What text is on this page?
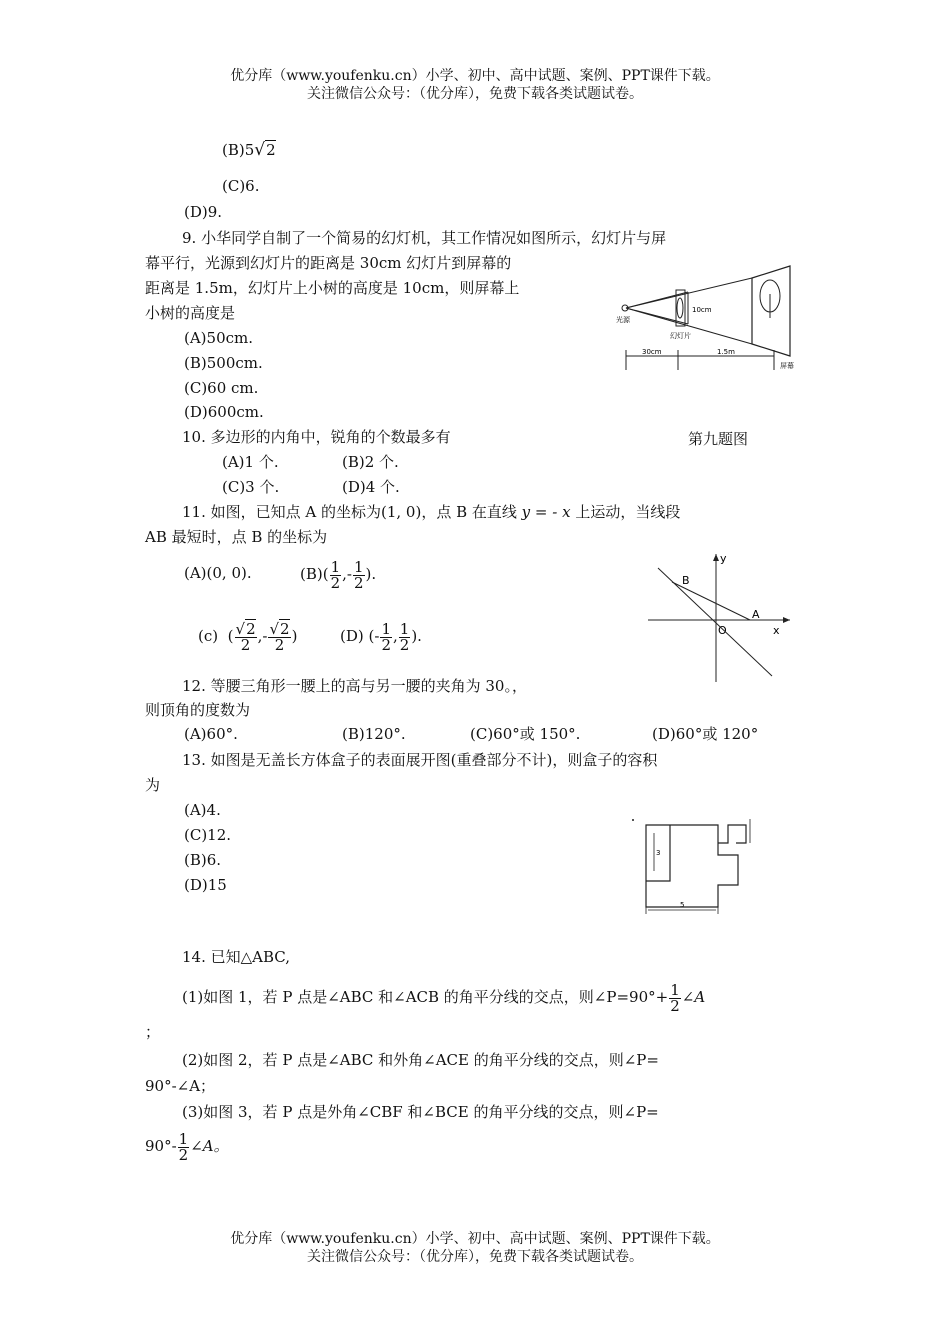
优分库（www.youfenku.cn）小学、初中、高中试题、案例、PPT课件下载。
关注微信公众号：（优分库），免费下载各类试题试卷。
(B)5√2
(C)6.
(D)9.
9. 小华同学自制了一个简易的幻灯机，其工作情况如图所示，幻灯片与屏
幕平行，光源到幻灯片的距离是 30cm 幻灯片到屏幕的
距离是 1.5m，幻灯片上小树的高度是 10cm，则屏幕上
小树的高度是
(A)50cm.
(B)500cm.
(C)60 cm.
(D)600cm.
光源
10cm
幻灯片
屏幕
30cm	1.5m
第九题图
10. 多边形的内角中，锐角的个数最多有
(A)1 个.	(B)2 个.
(C)3 个.	(D)4 个.
11. 如图，已知点 A 的坐标为(1, 0)，点 B 在直线 y = - x 上运动，当线段
AB 最短时，点 B 的坐标为
(A)(0, 0).	$(B)( \frac{1}{2}$ ,- $\frac{1}{2}$ ).
(c)  ( $\frac{√2}{2}$ ,- $\frac{√2}{2}$ )	(D) (- $\frac{1}{2}$ , $\frac{1}{2}$ ).
y
x
O
B
A
12. 等腰三角形一腰上的高与另一腰的夹角为 30。，
则顶角的度数为
(A)60°.	(B)120°.	(C)60°或 150°.	(D)60°或 120°
13. 如图是无盖长方体盒子的表面展开图(重叠部分不计)，则盒子的容积
为
(A)4.
(C)12.
(B)6.
(D)15
3
5
14. 已知△ABC,
(1)如图 1，若 P 点是∠ABC 和∠ACB 的角平分线的交点，则∠P=90°+ $\frac{1}{2}$ ∠A
；
(2)如图 2，若 P 点是∠ABC 和外角∠ACE 的角平分线的交点，则∠P=
90°-∠A；
(3)如图 3，若 P 点是外角∠CBF 和∠BCE 的角平分线的交点，则∠P=
$90^\circ- \frac{1}{2}$ ∠A。
优分库（www.youfenku.cn）小学、初中、高中试题、案例、PPT课件下载。
关注微信公众号：（优分库），免费下载各类试题试卷。
